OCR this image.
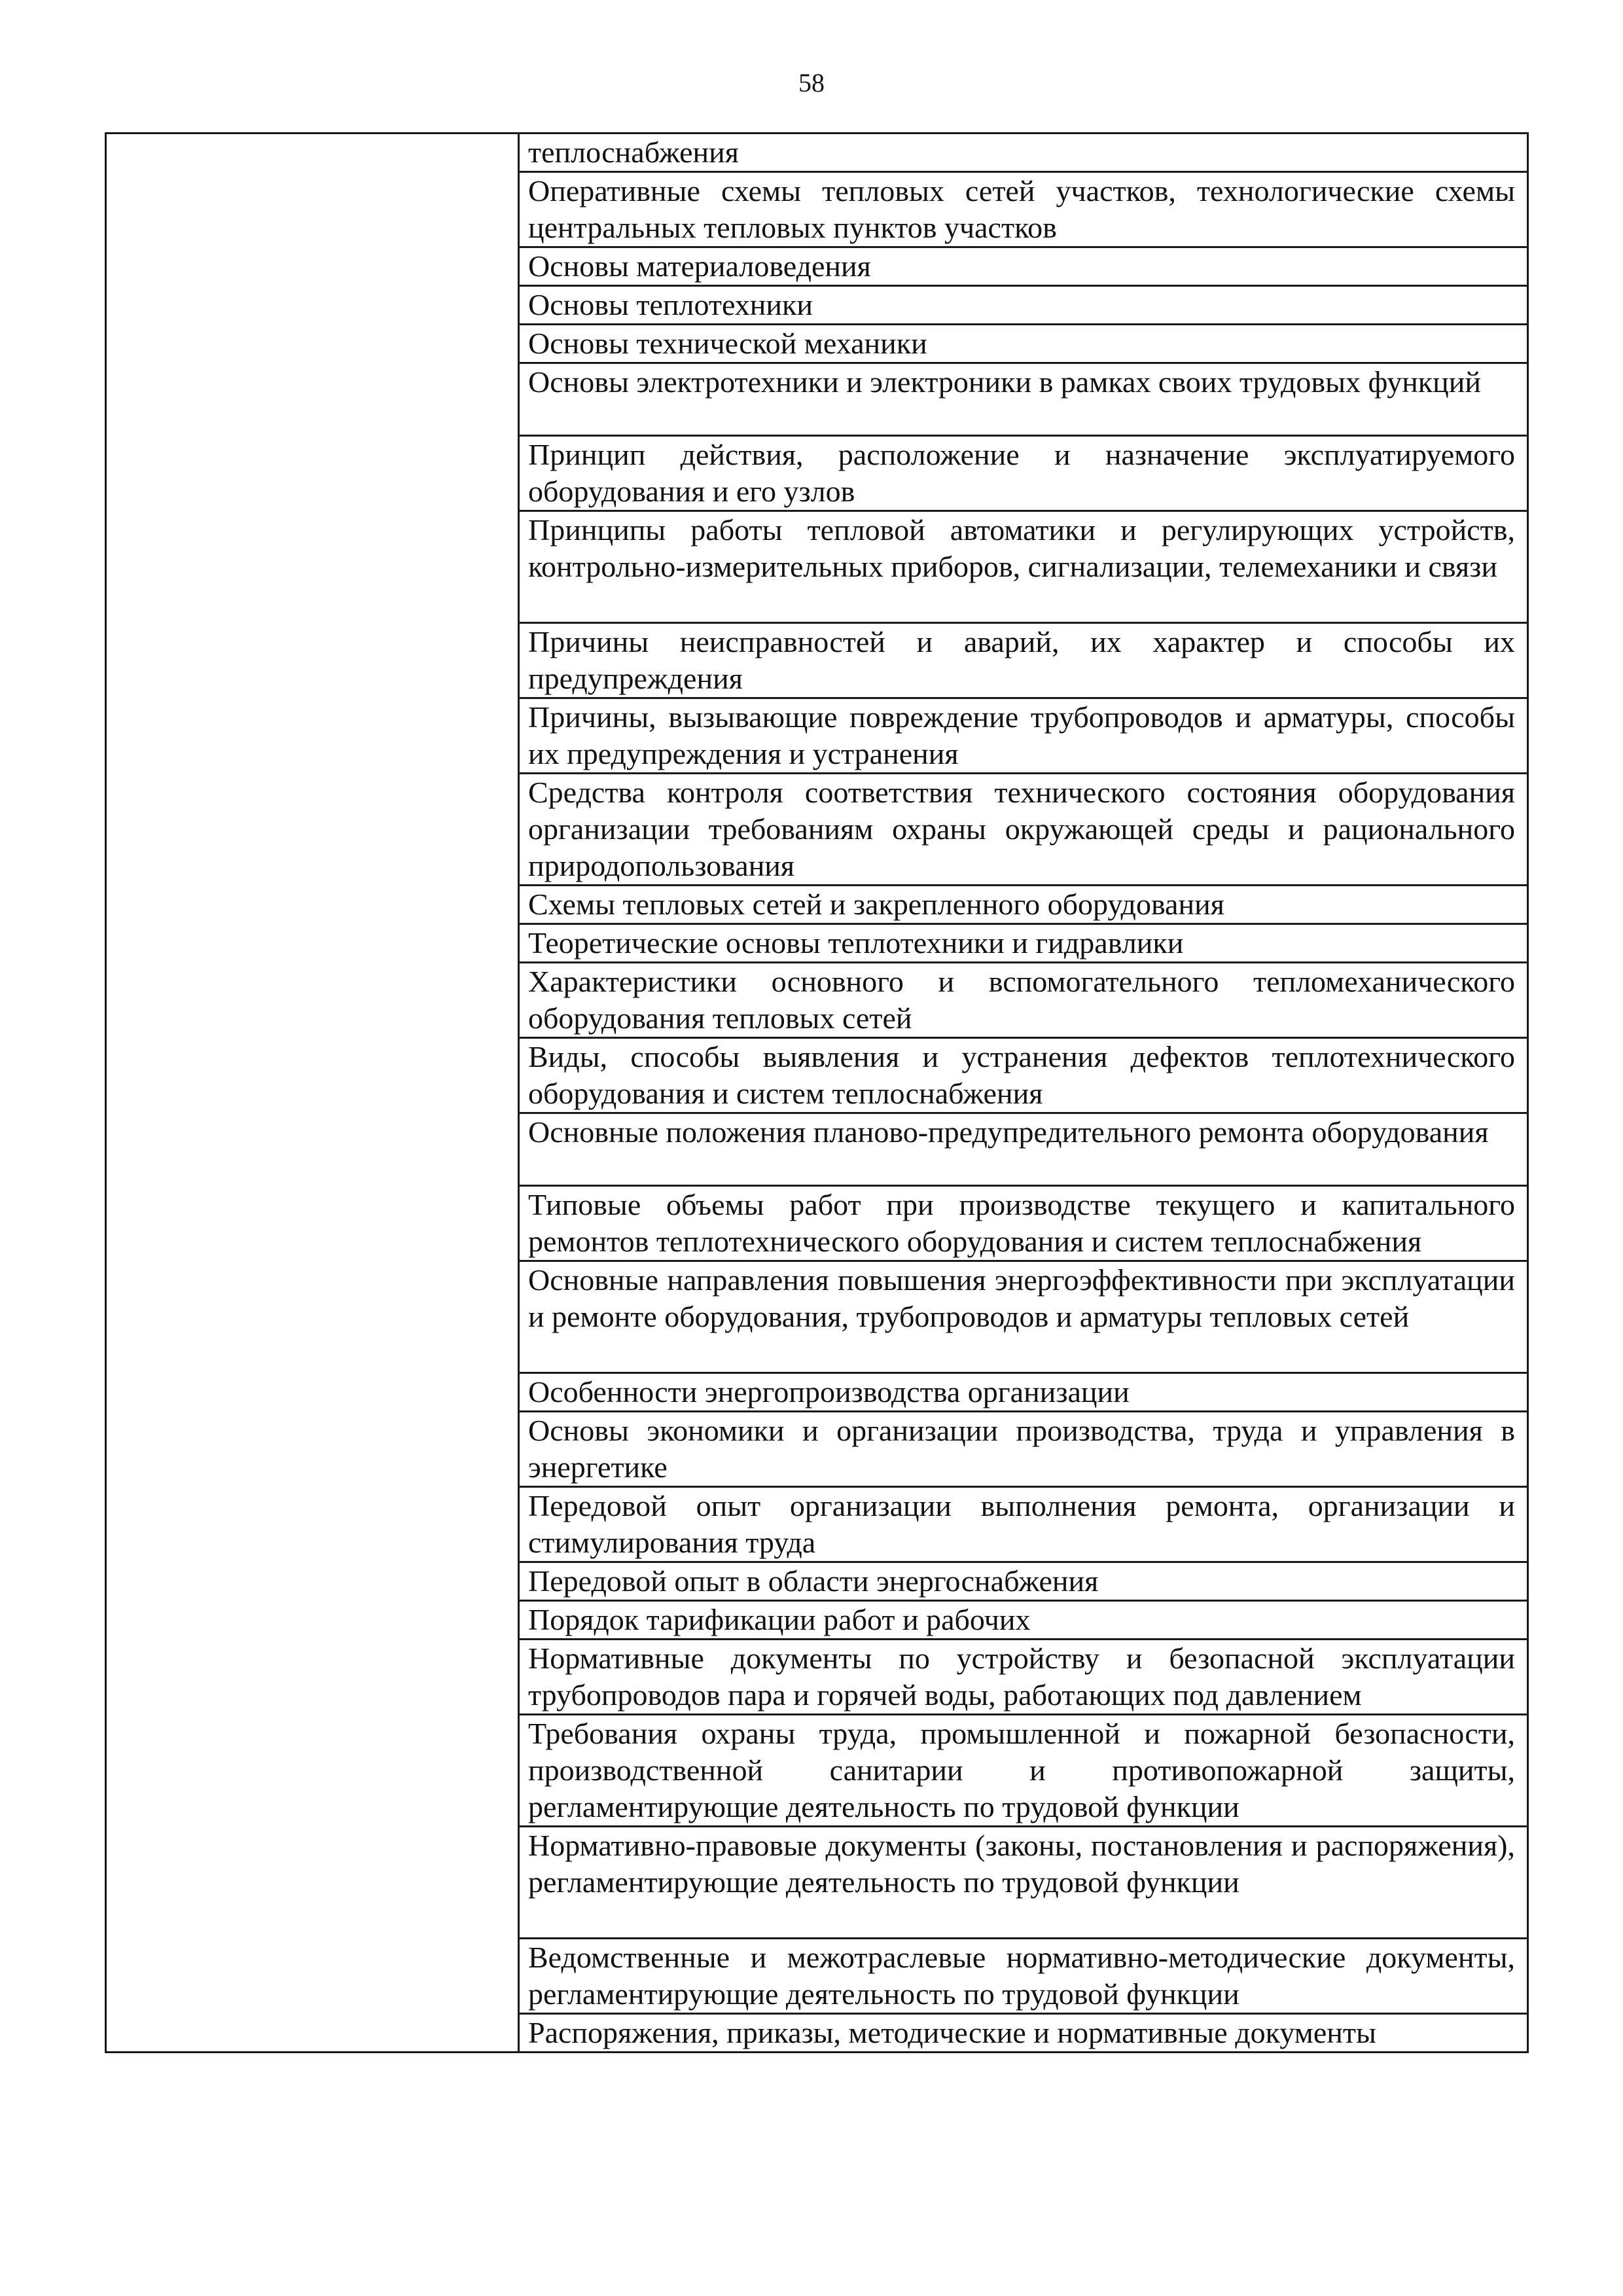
58
	теплоснабжения
Оперативные схемы тепловых сетей участков, технологические схемы центральных тепловых пунктов участков
Основы материаловедения
Основы теплотехники
Основы технической механики
Основы электротехники и электроники в рамках своих трудовых функций
Принцип действия, расположение и назначение эксплуатируемого оборудования и его узлов
Принципы работы тепловой автоматики и регулирующих устройств, контрольно-измерительных приборов, сигнализации, телемеханики и связи
Причины неисправностей и аварий, их характер и способы их предупреждения
Причины, вызывающие повреждение трубопроводов и арматуры, способы их предупреждения и устранения
Средства контроля соответствия технического состояния оборудования организации требованиям охраны окружающей среды и рационального природопользования
Схемы тепловых сетей и закрепленного оборудования
Теоретические основы теплотехники и гидравлики
Характеристики основного и вспомогательного тепломеханического оборудования тепловых сетей
Виды, способы выявления и устранения дефектов теплотехнического оборудования и систем теплоснабжения
Основные положения планово-предупредительного ремонта оборудования
Типовые объемы работ при производстве текущего и капитального ремонтов теплотехнического оборудования и систем теплоснабжения
Основные направления повышения энергоэффективности при эксплуатации и ремонте оборудования, трубопроводов и арматуры тепловых сетей
Особенности энергопроизводства организации
Основы экономики и организации производства, труда и управления в энергетике
Передовой опыт организации выполнения ремонта, организации и стимулирования труда
Передовой опыт в области энергоснабжения
Порядок тарификации работ и рабочих
Нормативные документы по устройству и безопасной эксплуатации трубопроводов пара и горячей воды, работающих под давлением
Требования охраны труда, промышленной и пожарной безопасности, производственной санитарии и противопожарной защиты, регламентирующие деятельность по трудовой функции
Нормативно-правовые документы (законы, постановления и распоряжения), регламентирующие деятельность по трудовой функции
Ведомственные и межотраслевые нормативно-методические документы, регламентирующие деятельность по трудовой функции
Распоряжения, приказы, методические и нормативные документы
